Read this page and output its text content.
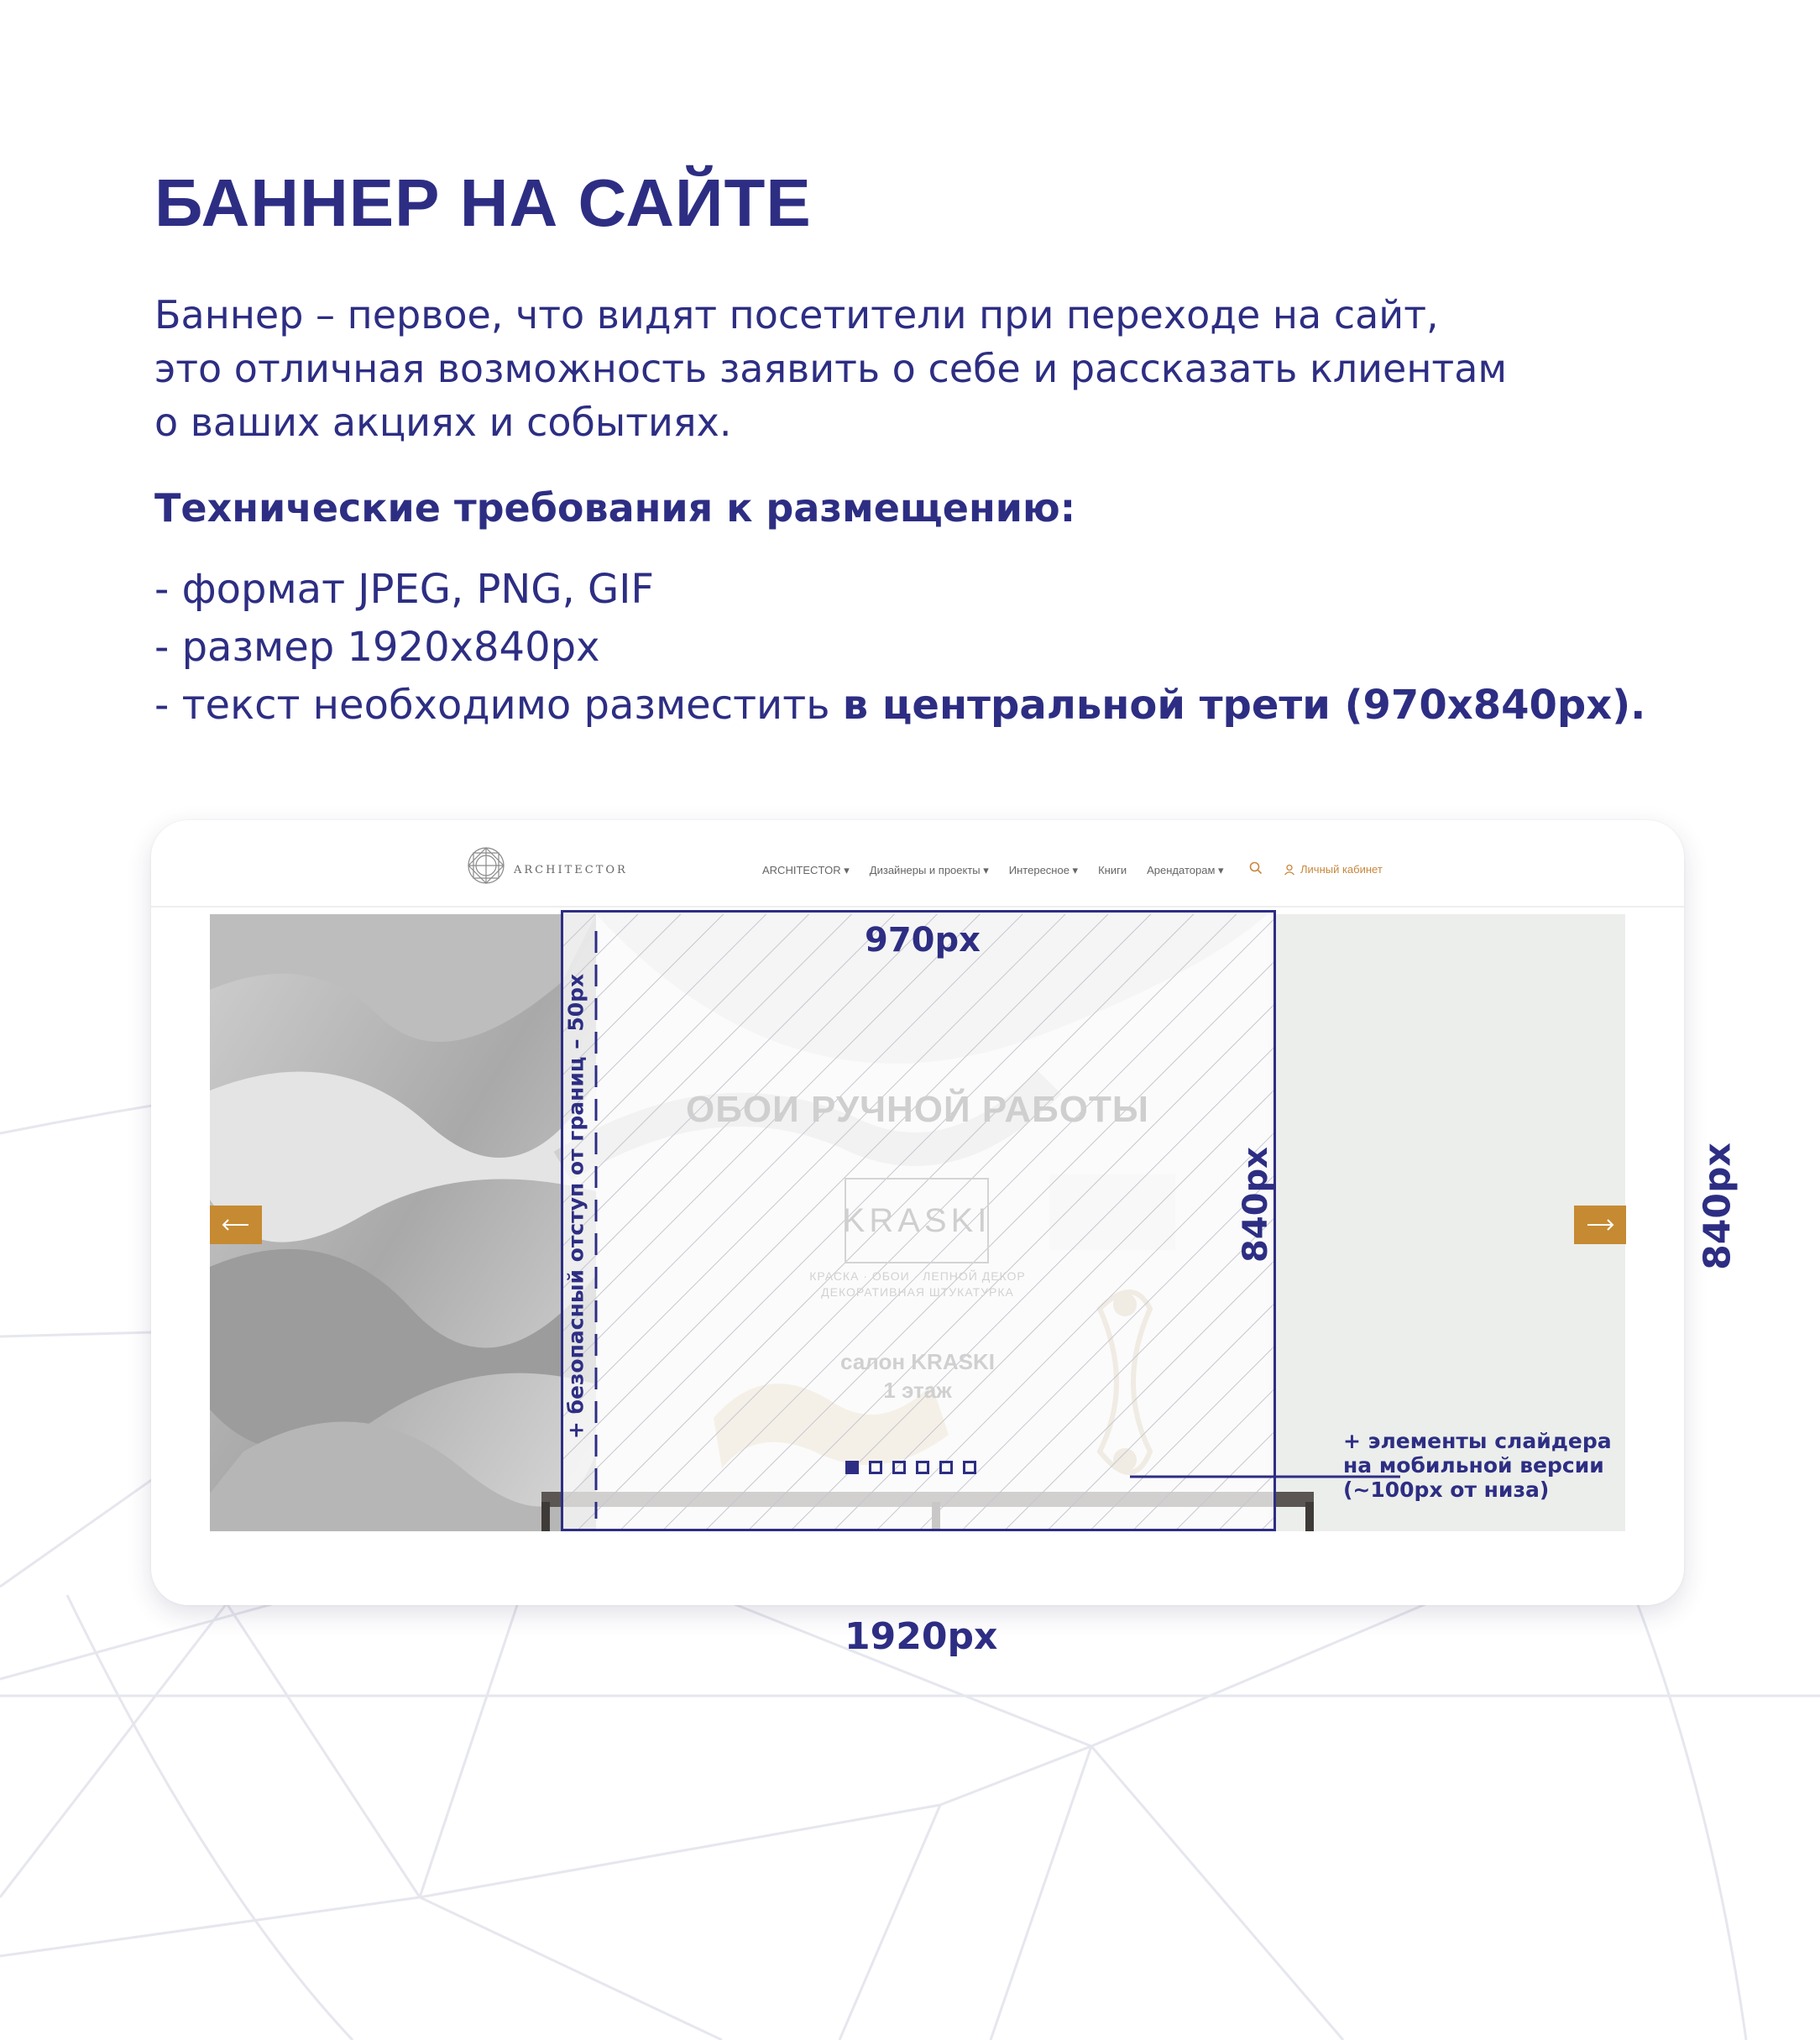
БАННЕР НА САЙТЕ
Баннер – первое, что видят посетители при переходе на сайт,
это отличная возможность заявить о себе и рассказать клиентам
о ваших акциях и событиях.
Технические требования к размещению:
- формат JPEG, PNG, GIF
- размер 1920х840px
- текст необходимо разместить в центральной трети (970х840px).
ARCHITECTOR	ARCHITECTOR ▾ Дизайнеры и проекты ▾ Интересное ▾ Книги Арендаторам ▾	Личный кабинет
ОБОИ РУЧНОЙ РАБОТЫ
KRASKI
КРАСКА · ОБОИ · ЛЕПНОЙ ДЕКОР
ДЕКОРАТИВНАЯ ШТУКАТУРКА
салон KRASKI
1 этаж
970px
840px
+ безопасный отступ от границ – 50px
+ элементы слайдера
на мобильной версии
(~100px от низа)
840px
1920px
